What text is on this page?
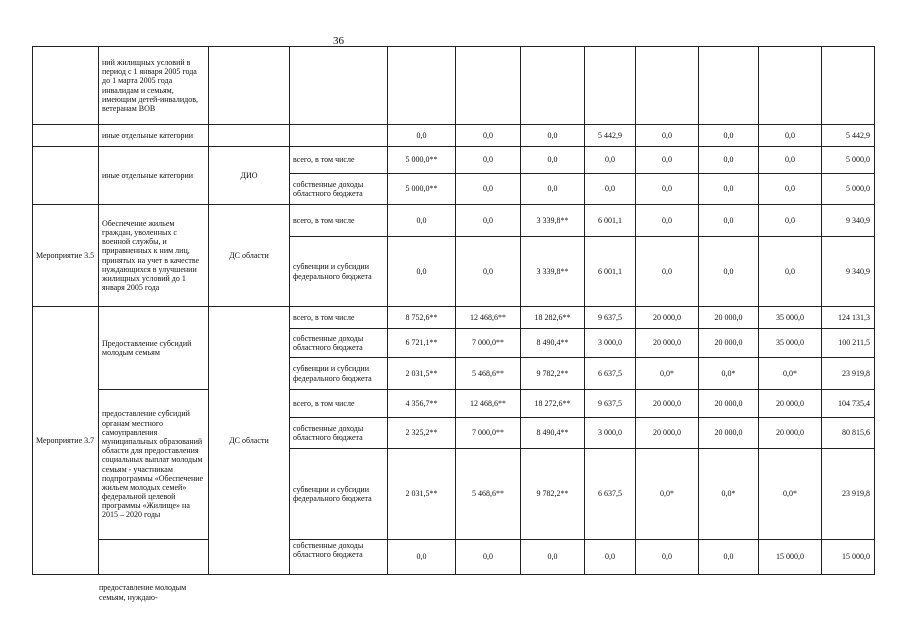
36
	ний жилищных условий в период с 1 января 2005 года до 1 марта 2005 года инвалидам и семьям, имеющим детей-инвалидов, ветеранам ВОВ										
	иные отдельные категории			0,0	0,0	0,0	5 442,9	0,0	0,0	0,0	5 442,9
	иные отдельные категории	ДИО	всего, в том числе	5 000,0**	0,0	0,0	0,0	0,0	0,0	0,0	5 000,0
			собственные доходы областного бюджета	5 000,0**	0,0	0,0	0,0	0,0	0,0	0,0	5 000,0
Мероприятие 3.5	Обеспечение жильем граждан, уволенных с военной службы, и приравненных к ним лиц, принятых на учет в качестве нуждающихся в улучшении жилищных условий до 1 января 2005 года	ДС области	всего, в том числе	0,0	0,0	3 339,8**	6 001,1	0,0	0,0	0,0	9 340,9
			субвенции и субсидии федерального бюджета	0,0	0,0	3 339,8**	6 001,1	0,0	0,0	0,0	9 340,9
Мероприятие 3.7	Предоставление субсидий молодым семьям	ДС области	всего, в том числе	8 752,6**	12 468,6**	18 282,6**	9 637,5	20 000,0	20 000,0	35 000,0	124 131,3
			собственные доходы областного бюджета	6 721,1**	7 000,0**	8 490,4**	3 000,0	20 000,0	20 000,0	35 000,0	100 211,5
			субвенции и субсидии федерального бюджета	2 031,5**	5 468,6**	9 782,2**	6 637,5	0,0*	0,0*	0,0*	23 919,8
	предоставление субсидий органам местного самоуправления муниципальных образований области для предоставления социальных выплат молодым семьям - участникам подпрограммы «Обеспечение жильем молодых семей» федеральной целевой программы «Жилище» на 2015 – 2020 годы		всего, в том числе	4 356,7**	12 468,6**	18 272,6**	9 637,5	20 000,0	20 000,0	20 000,0	104 735,4
			собственные доходы областного бюджета	2 325,2**	7 000,0**	8 490,4**	3 000,0	20 000,0	20 000,0	20 000,0	80 815,6
			субвенции и субсидии федерального бюджета	2 031,5**	5 468,6**	9 782,2**	6 637,5	0,0*	0,0*	0,0*	23 919,8
			собственные доходы областного бюджета	0,0	0,0	0,0	0,0	0,0	0,0	15 000,0	15 000,0
предоставление молодым семьям, нуждаю-
